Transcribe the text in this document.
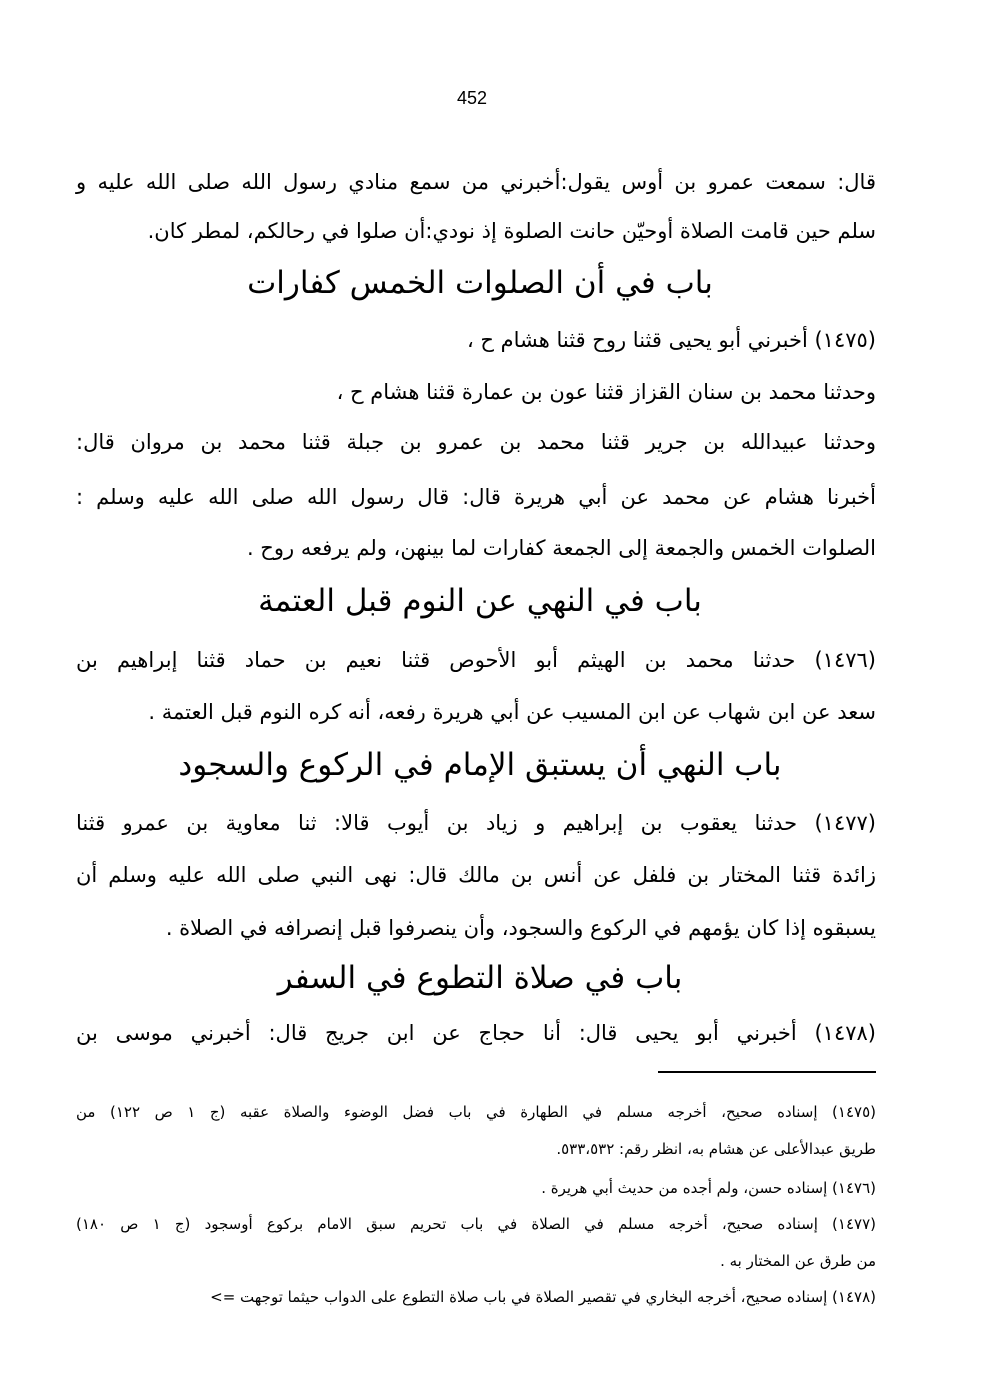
452
قال: سمعت عمرو بن أوس يقول:أخبرني من سمع منادي رسول الله صلى الله عليه و
سلم حين قامت الصلاة أوحيّن حانت الصلوة إذ نودي:أن صلوا في رحالكم، لمطر كان.
باب في أن الصلوات الخمس كفارات
(١٤٧٥) أخبرني أبو يحيى قثنا روح قثنا هشام ح ،
وحدثنا محمد بن سنان القزاز قثنا عون بن عمارة قثنا هشام ح ،
وحدثنا عبيدالله بن جرير قثنا محمد بن عمرو بن جبلة قثنا محمد بن مروان قال:
أخبرنا هشام عن محمد عن أبي هريرة قال: قال رسول الله صلى الله عليه وسلم :
الصلوات الخمس والجمعة إلى الجمعة كفارات لما بينهن، ولم يرفعه روح .
باب في النهي عن النوم قبل العتمة
(١٤٧٦) حدثنا محمد بن الهيثم أبو الأحوص قثنا نعيم بن حماد قثنا إبراهيم بن
سعد عن ابن شهاب عن ابن المسيب عن أبي هريرة رفعه، أنه كره النوم قبل العتمة .
باب النهي أن يستبق الإمام في الركوع والسجود
(١٤٧٧) حدثنا يعقوب بن إبراهيم و زياد بن أيوب قالا: ثنا معاوية بن عمرو قثنا
زائدة قثنا المختار بن فلفل عن أنس بن مالك قال: نهى النبي صلى الله عليه وسلم أن
يسبقوه إذا كان يؤمهم في الركوع والسجود، وأن ينصرفوا قبل إنصرافه في الصلاة .
باب في صلاة التطوع في السفر
(١٤٧٨) أخبرني أبو يحيى قال: أنا حجاج عن ابن جريج قال: أخبرني موسى بن
(١٤٧٥) إسناده صحيح، أخرجه مسلم في الطهارة في باب فضل الوضوء والصلاة عقبه (ج ١ ص ١٢٢) من
طريق عبدالأعلى عن هشام به، انظر رقم: ٥٣٣،٥٣٢.
(١٤٧٦) إسناده حسن، ولم أجده من حديث أبي هريرة .
(١٤٧٧) إسناده صحيح، أخرجه مسلم في الصلاة في باب تحريم سبق الامام بركوع أوسجود (ج ١ ص ١٨٠)
من طرق عن المختار به .
(١٤٧٨) إسناده صحيح، أخرجه البخاري في تقصير الصلاة في باب صلاة التطوع على الدواب حيثما توجهت =>
